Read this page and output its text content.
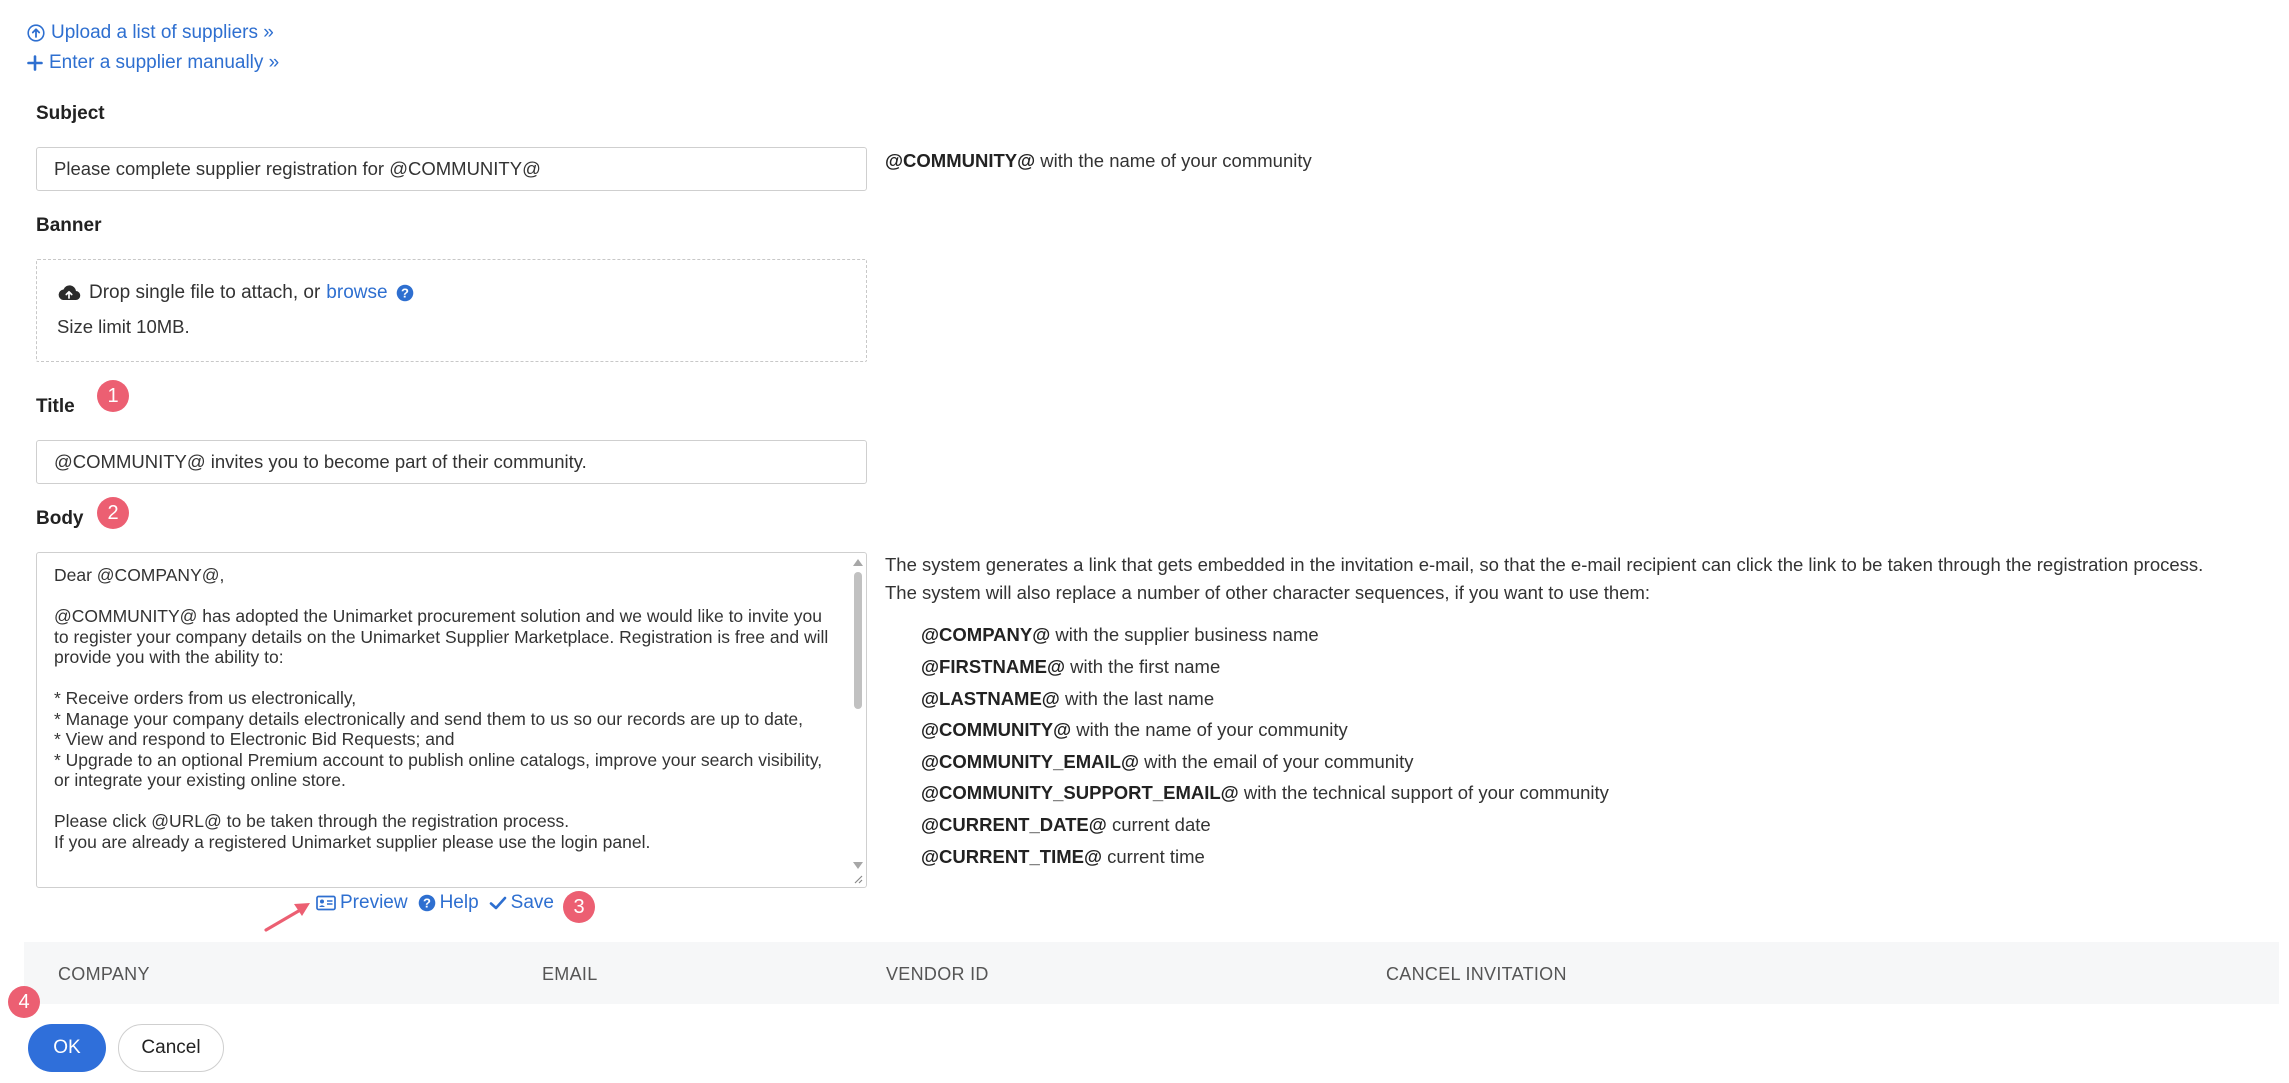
Upload a list of suppliers »
Enter a supplier manually »
Subject
Please complete supplier registration for @COMMUNITY@	@COMMUNITY@ with the name of your community
Banner
Drop single file to attach, or browse ?
Size limit 10MB.
Title	1
@COMMUNITY@ invites you to become part of their community.
Body	2
Dear @COMPANY@,

@COMMUNITY@ has adopted the Unimarket procurement solution and we would like to invite you to register your company details on the Unimarket Supplier Marketplace. Registration is free and will provide you with the ability to:

* Receive orders from us electronically,
* Manage your company details electronically and send them to us so our records are up to date,
* View and respond to Electronic Bid Requests; and
* Upgrade to an optional Premium account to publish online catalogs, improve your search visibility, or integrate your existing online store.

Please click @URL@ to be taken through the registration process.
If you are already a registered Unimarket supplier please use the login panel.
The system generates a link that gets embedded in the invitation e-mail, so that the e-mail recipient can click the link to be taken through the registration process.
The system will also replace a number of other character sequences, if you want to use them:
@COMPANY@ with the supplier business name
@FIRSTNAME@ with the first name
@LASTNAME@ with the last name
@COMMUNITY@ with the name of your community
@COMMUNITY_EMAIL@ with the email of your community
@COMMUNITY_SUPPORT_EMAIL@ with the technical support of your community
@CURRENT_DATE@ current date
@CURRENT_TIME@ current time
Preview ? Help Save 3
COMPANY	EMAIL	VENDOR ID	CANCEL INVITATION
4
OK	Cancel
